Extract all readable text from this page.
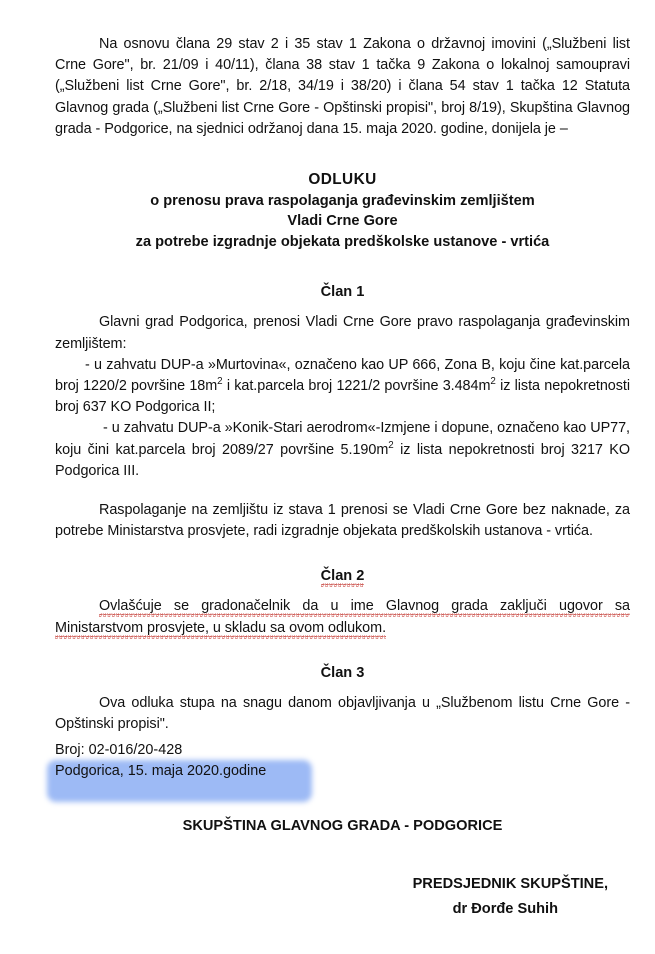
Na osnovu člana 29 stav 2 i 35 stav 1 Zakona o državnoj imovini („Službeni list Crne Gore", br. 21/09 i 40/11), člana 38 stav 1 tačka 9 Zakona o lokalnoj samoupravi („Službeni list Crne Gore", br. 2/18, 34/19 i 38/20) i člana 54 stav 1 tačka 12 Statuta Glavnog grada („Službeni list Crne Gore - Opštinski propisi", broj 8/19), Skupština Glavnog grada - Podgorice, na sjednici održanoj dana 15. maja 2020. godine, donijela je –
ODLUKU
o prenosu prava raspolaganja građevinskim zemljištem
Vladi Crne Gore
za potrebe izgradnje objekata predškolske ustanove - vrtića
Član 1
Glavni grad Podgorica, prenosi Vladi Crne Gore pravo raspolaganja građevinskim zemljištem:
- u zahvatu DUP-a »Murtovina«, označeno kao UP 666, Zona B, koju čine kat.parcela broj 1220/2 površine $18m^2$ i kat.parcela broj 1221/2 površine $3.484m^2$ iz lista nepokretnosti broj 637 KO Podgorica II;
- u zahvatu DUP-a »Konik-Stari aerodrom«-Izmjene i dopune, označeno kao UP77, koju čini kat.parcela broj 2089/27 površine $5.190m^2$ iz lista nepokretnosti broj 3217 KO Podgorica III.
Raspolaganje na zemljištu iz stava 1 prenosi se Vladi Crne Gore bez naknade, za potrebe Ministarstva prosvjete, radi izgradnje objekata predškolskih ustanova - vrtića.
Član 2
Ovlašćuje se gradonačelnik da u ime Glavnog grada zaključi ugovor sa Ministarstvom prosvjete, u skladu sa ovom odlukom.
Član 3
Ova odluka stupa na snagu danom objavljivanja u „Službenom listu Crne Gore - Opštinski propisi".
Broj: 02-016/20-428
Podgorica, 15. maja 2020.godine
SKUPŠTINA GLAVNOG GRADA - PODGORICE
PREDSJEDNIK SKUPŠTINE,
dr Đorđe Suhih
